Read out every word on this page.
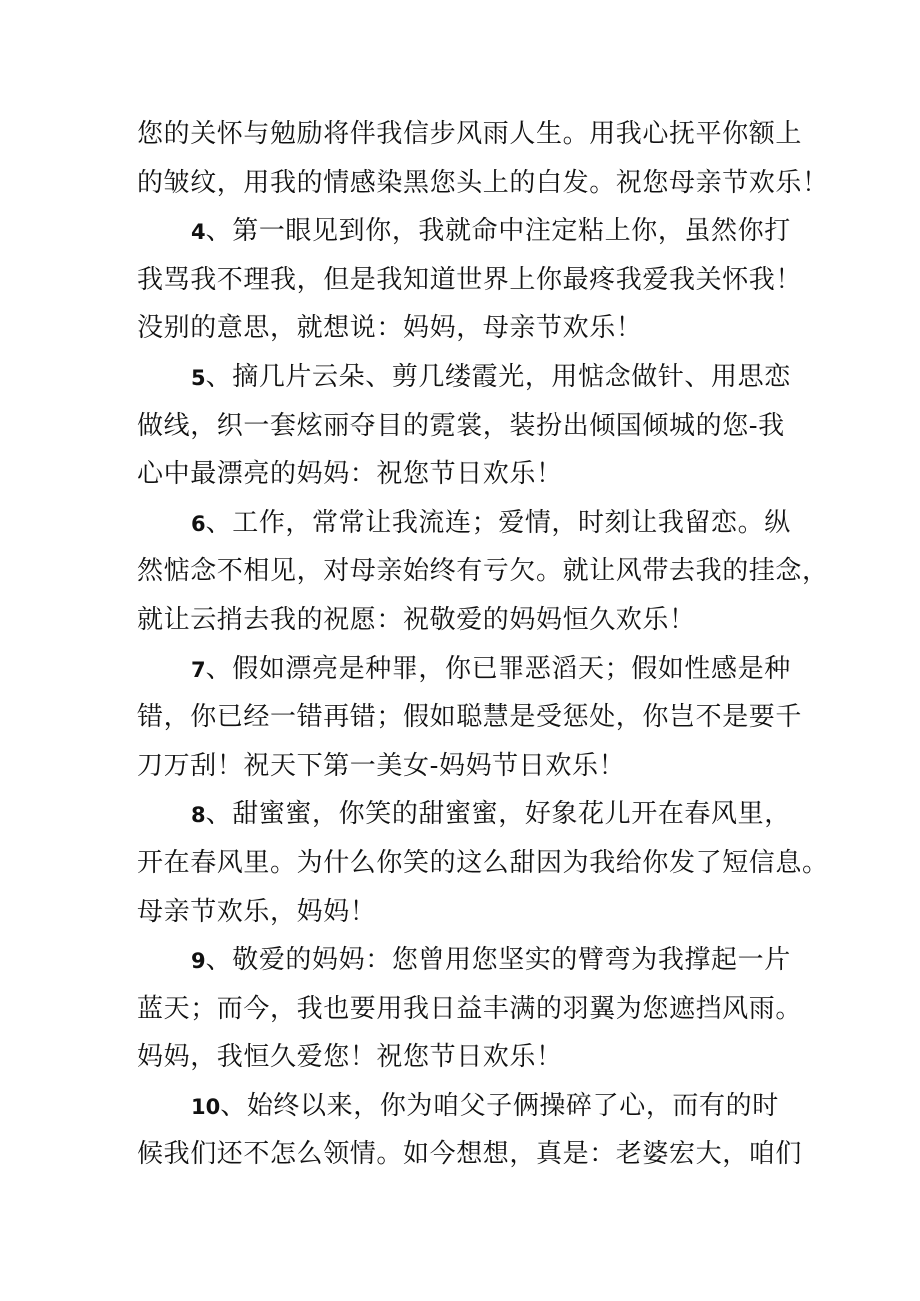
您的关怀与勉励将伴我信步风雨人生。用我心抚平你额上
的皱纹，用我的情感染黑您头上的白发。祝您母亲节欢乐！
4、第一眼见到你，我就命中注定粘上你，虽然你打
我骂我不理我，但是我知道世界上你最疼我爱我关怀我！
没别的意思，就想说：妈妈，母亲节欢乐！
5、摘几片云朵、剪几缕霞光，用惦念做针、用思恋
做线，织一套炫丽夺目的霓裳，装扮出倾国倾城的您-我
心中最漂亮的妈妈：祝您节日欢乐！
6、工作，常常让我流连；爱情，时刻让我留恋。纵
然惦念不相见，对母亲始终有亏欠。就让风带去我的挂念，
就让云捎去我的祝愿：祝敬爱的妈妈恒久欢乐！
7、假如漂亮是种罪，你已罪恶滔天；假如性感是种
错，你已经一错再错；假如聪慧是受惩处，你岂不是要千
刀万刮！祝天下第一美女-妈妈节日欢乐！
8、甜蜜蜜，你笑的甜蜜蜜，好象花儿开在春风里，
开在春风里。为什么你笑的这么甜因为我给你发了短信息。
母亲节欢乐，妈妈！
9、敬爱的妈妈：您曾用您坚实的臂弯为我撑起一片
蓝天；而今，我也要用我日益丰满的羽翼为您遮挡风雨。
妈妈，我恒久爱您！祝您节日欢乐！
10、始终以来，你为咱父子俩操碎了心，而有的时
候我们还不怎么领情。如今想想，真是：老婆宏大，咱们
